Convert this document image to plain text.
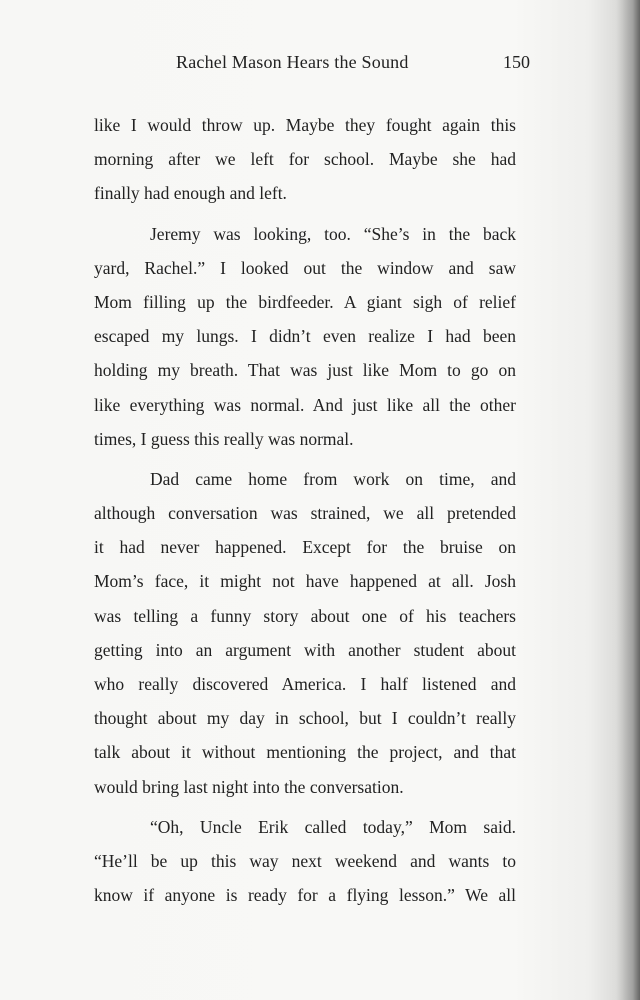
Rachel Mason Hears the Sound	150
like I would throw up. Maybe they fought again this
morning after we left for school. Maybe she had
finally had enough and left.
Jeremy was looking, too. “She’s in the back
yard, Rachel.” I looked out the window and saw
Mom filling up the birdfeeder. A giant sigh of relief
escaped my lungs. I didn’t even realize I had been
holding my breath. That was just like Mom to go on
like everything was normal. And just like all the other
times, I guess this really was normal.
Dad came home from work on time, and
although conversation was strained, we all pretended
it had never happened. Except for the bruise on
Mom’s face, it might not have happened at all. Josh
was telling a funny story about one of his teachers
getting into an argument with another student about
who really discovered America. I half listened and
thought about my day in school, but I couldn’t really
talk about it without mentioning the project, and that
would bring last night into the conversation.
“Oh, Uncle Erik called today,” Mom said.
“He’ll be up this way next weekend and wants to
know if anyone is ready for a flying lesson.” We all
